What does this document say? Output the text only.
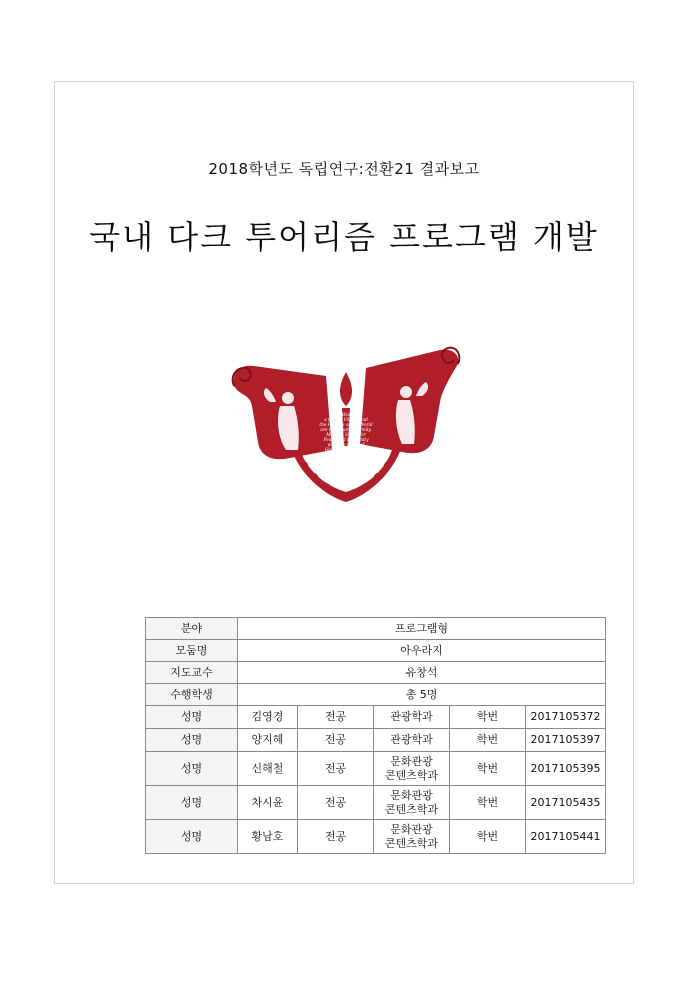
2018학년도 독립연구:전환21 결과보고
국내 다크 투어리즘 프로그램 개발
The World is
a Global Village and
the Peoples of the World
are One Human Family.
May We Strive for
Peace and Humanity
with the Spirit of
Global Cooperation
Society.
분야	프로그램형				
모둠명	아우라지				
지도교수	유창석				
수행학생	총 5명				
성명	김영경	전공	관광학과	학번	2017105372
성명	양지혜	전공	관광학과	학번	2017105397
성명	신해철	전공	문화관광
콘텐츠학과	학번	2017105395
성명	차시윤	전공	문화관광
콘텐츠학과	학번	2017105435
성명	황남호	전공	문화관광
콘텐츠학과	학번	2017105441
